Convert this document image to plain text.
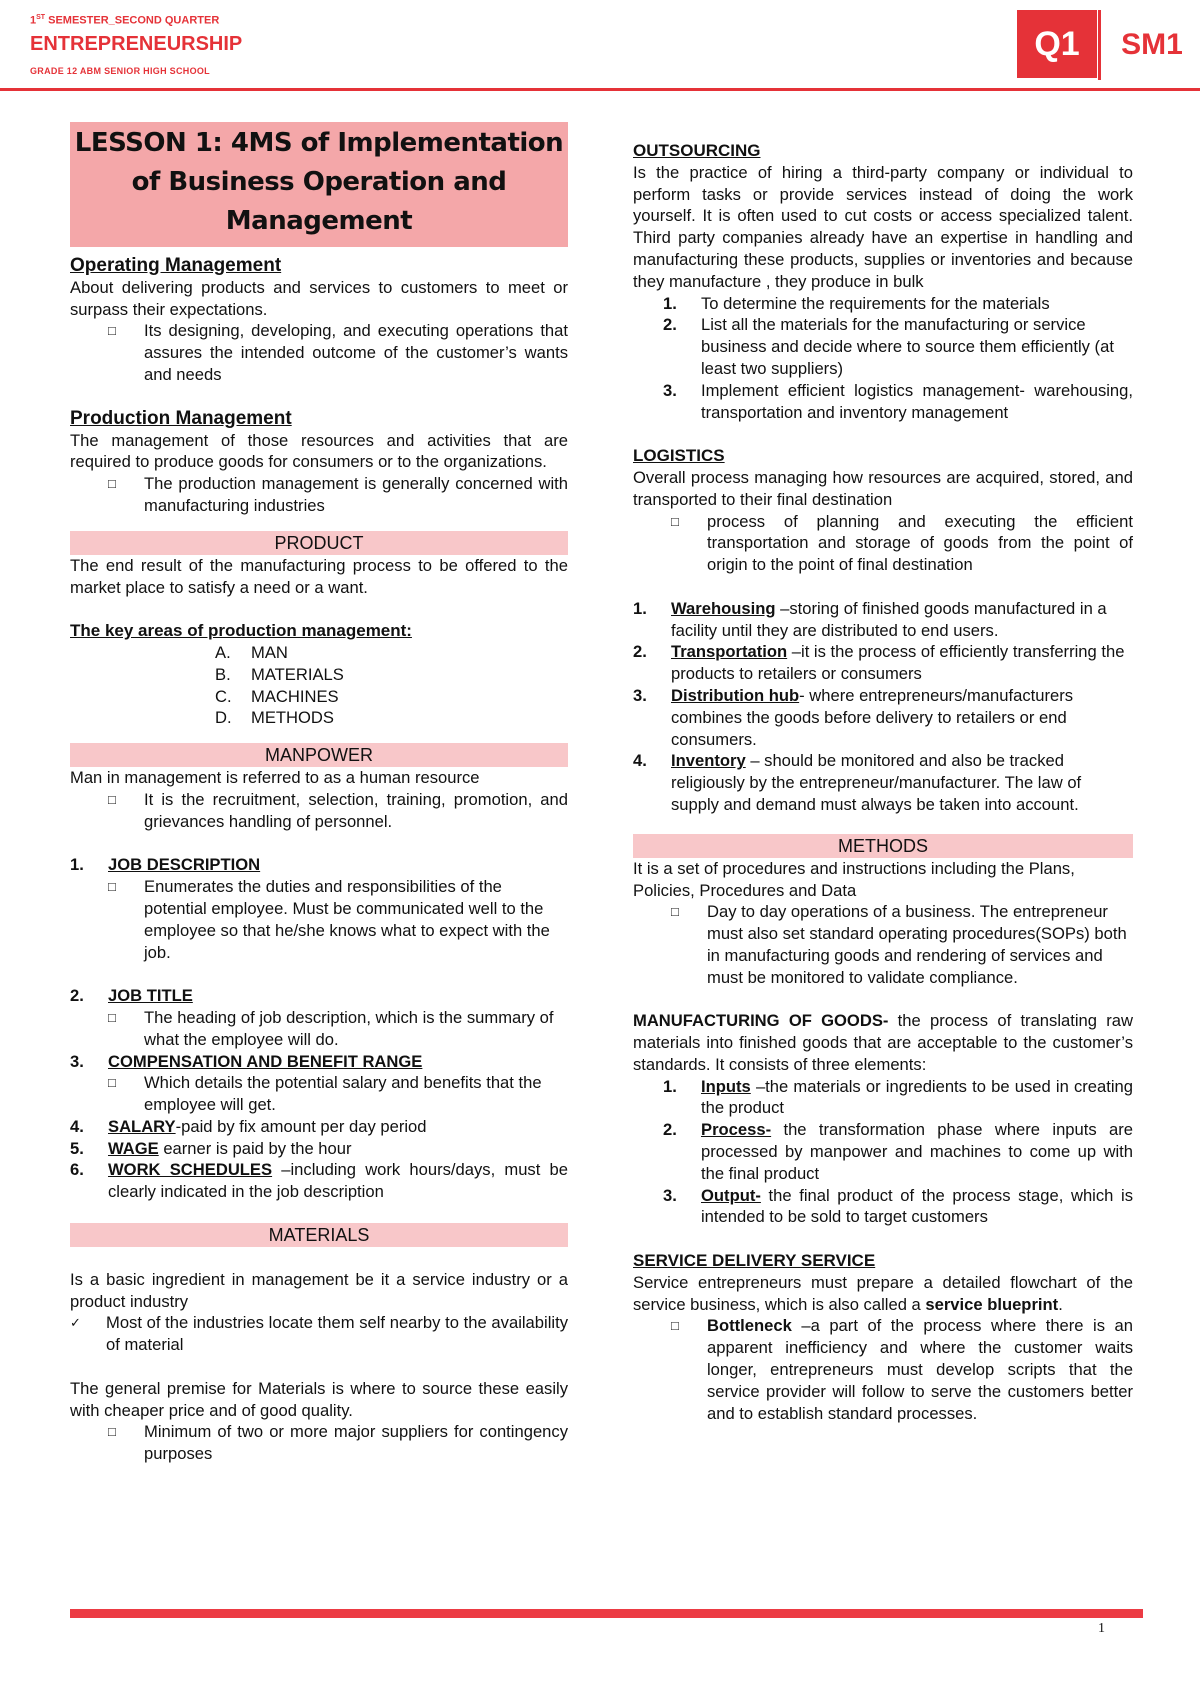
1ST SEMESTER_SECOND QUARTER
ENTREPRENEURSHIP
GRADE 12 ABM SENIOR HIGH SCHOOL
Q1	SM1
LESSON 1: 4MS of Implementation of Business Operation and Management
Operating Management
About delivering products and services to customers to meet or surpass their expectations.
□	Its designing, developing, and executing operations that assures the intended outcome of the customer’s wants and needs
Production Management
The management of those resources and activities that are required to produce goods for consumers or to the organizations.
□	The production management is generally concerned with manufacturing industries
PRODUCT
The end result of the manufacturing process to be offered to the market place to satisfy a need or a want.
The key areas of production management:
A.	MAN
B.	MATERIALS
C.	MACHINES
D.	METHODS
MANPOWER
Man in management is referred to as a human resource
□	It is the recruitment, selection, training, promotion, and grievances handling of personnel.
1.	JOB DESCRIPTION
□	Enumerates the duties and responsibilities of the potential employee. Must be communicated well to the employee so that he/she knows what to expect with the job.
2.	JOB TITLE
□	The heading of job description, which is the summary of what the employee will do.
3.	COMPENSATION AND BENEFIT RANGE
□	Which details the potential salary and benefits that the employee will get.
4.	SALARY-paid by fix amount per day period
5.	WAGE earner is paid by the hour
6.	WORK SCHEDULES –including work hours/days, must be clearly indicated in the job description
MATERIALS
Is a basic ingredient in management be it a service industry or a product industry
✓	Most of the industries locate them self nearby to the availability of material
The general premise for Materials is where to source these easily with cheaper price and of good quality.
□	Minimum of two or more major suppliers for contingency purposes
OUTSOURCING
Is the practice of hiring a third-party company or individual to perform tasks or provide services instead of doing the work yourself. It is often used to cut costs or access specialized talent. Third party companies already have an expertise in handling and manufacturing these products, supplies or inventories and because they manufacture , they produce in bulk
1.	To determine the requirements for the materials
2.	List all the materials for the manufacturing or service business and decide where to source them efficiently (at least two suppliers)
3.	Implement efficient logistics management- warehousing, transportation and inventory management
LOGISTICS
Overall process managing how resources are acquired, stored, and transported to their final destination
□	process of planning and executing the efficient transportation and storage of goods from the point of origin to the point of final destination
1.	Warehousing –storing of finished goods manufactured in a facility until they are distributed to end users.
2.	Transportation –it is the process of efficiently transferring the products to retailers or consumers
3.	Distribution hub- where entrepreneurs/manufacturers combines the goods before delivery to retailers or end consumers.
4.	Inventory – should be monitored and also be tracked religiously by the entrepreneur/manufacturer. The law of supply and demand must always be taken into account.
METHODS
It is a set of procedures and instructions including the Plans, Policies, Procedures and Data
□	Day to day operations of a business. The entrepreneur must also set standard operating procedures(SOPs) both in manufacturing goods and rendering of services and must be monitored to validate compliance.
MANUFACTURING OF GOODS- the process of translating raw materials into finished goods that are acceptable to the customer’s standards. It consists of three elements:
1.	Inputs –the materials or ingredients to be used in creating the product
2.	Process- the transformation phase where inputs are processed by manpower and machines to come up with the final product
3.	Output- the final product of the process stage, which is intended to be sold to target customers
SERVICE DELIVERY SERVICE
Service entrepreneurs must prepare a detailed flowchart of the service business, which is also called a service blueprint.
□	Bottleneck –a part of the process where there is an apparent inefficiency and where the customer waits longer, entrepreneurs must develop scripts that the service provider will follow to serve the customers better and to establish standard processes.
1
